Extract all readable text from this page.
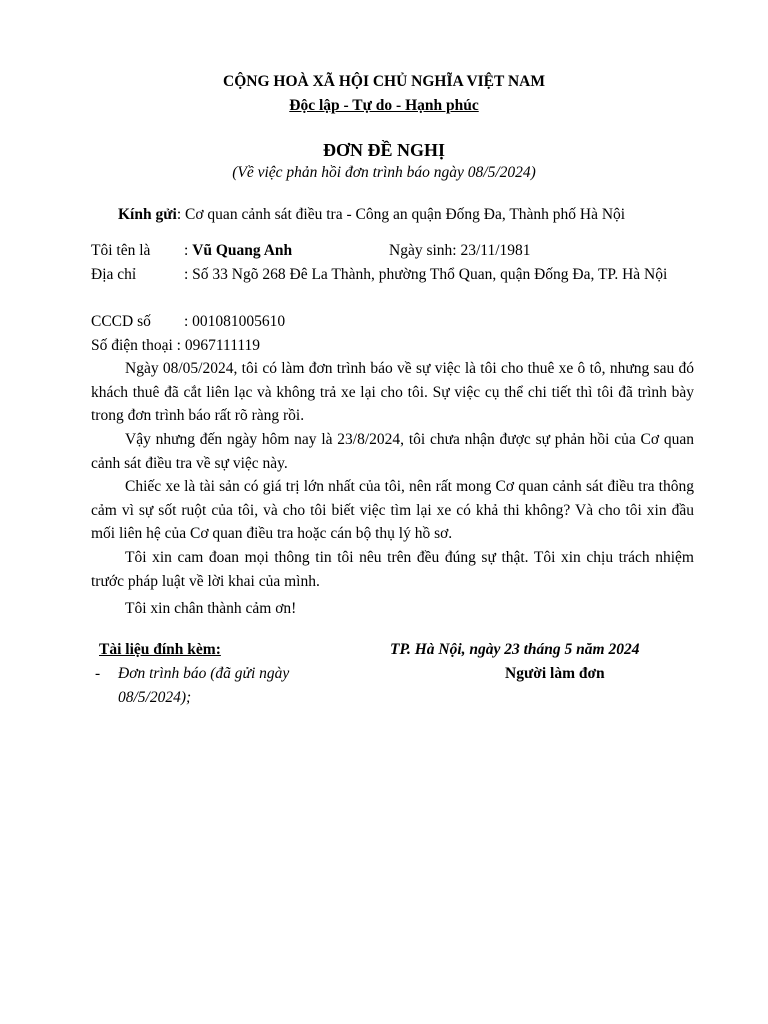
CỘNG HOÀ XÃ HỘI CHỦ NGHĨA VIỆT NAM
Độc lập - Tự do - Hạnh phúc
ĐƠN ĐỀ NGHỊ
(Về việc phản hồi đơn trình báo ngày 08/5/2024)
Kính gửi: Cơ quan cảnh sát điều tra - Công an quận Đống Đa, Thành phố Hà Nội
Tôi tên là : Vũ Quang Anh	Ngày sinh: 23/11/1981
Địa chỉ	: Số 33 Ngõ 268 Đê La Thành, phường Thổ Quan, quận Đống Đa, TP. Hà Nội
CCCD số : 001081005610
Số điện thoại : 0967111119
Ngày 08/05/2024, tôi có làm đơn trình báo về sự việc là tôi cho thuê xe ô tô, nhưng sau đó khách thuê đã cắt liên lạc và không trả xe lại cho tôi. Sự việc cụ thể chi tiết thì tôi đã trình bày trong đơn trình báo rất rõ ràng rồi.
Vậy nhưng đến ngày hôm nay là 23/8/2024, tôi chưa nhận được sự phản hồi của Cơ quan cảnh sát điều tra về sự việc này.
Chiếc xe là tài sản có giá trị lớn nhất của tôi, nên rất mong Cơ quan cảnh sát điều tra thông cảm vì sự sốt ruột của tôi, và cho tôi biết việc tìm lại xe có khả thi không? Và cho tôi xin đầu mối liên hệ của Cơ quan điều tra hoặc cán bộ thụ lý hồ sơ.
Tôi xin cam đoan mọi thông tin tôi nêu trên đều đúng sự thật. Tôi xin chịu trách nhiệm trước pháp luật về lời khai của mình.
Tôi xin chân thành cảm ơn!
Tài liệu đính kèm:
- Đơn trình báo (đã gửi ngày
08/5/2024);
TP. Hà Nội, ngày 23 tháng 5 năm 2024
Người làm đơn
